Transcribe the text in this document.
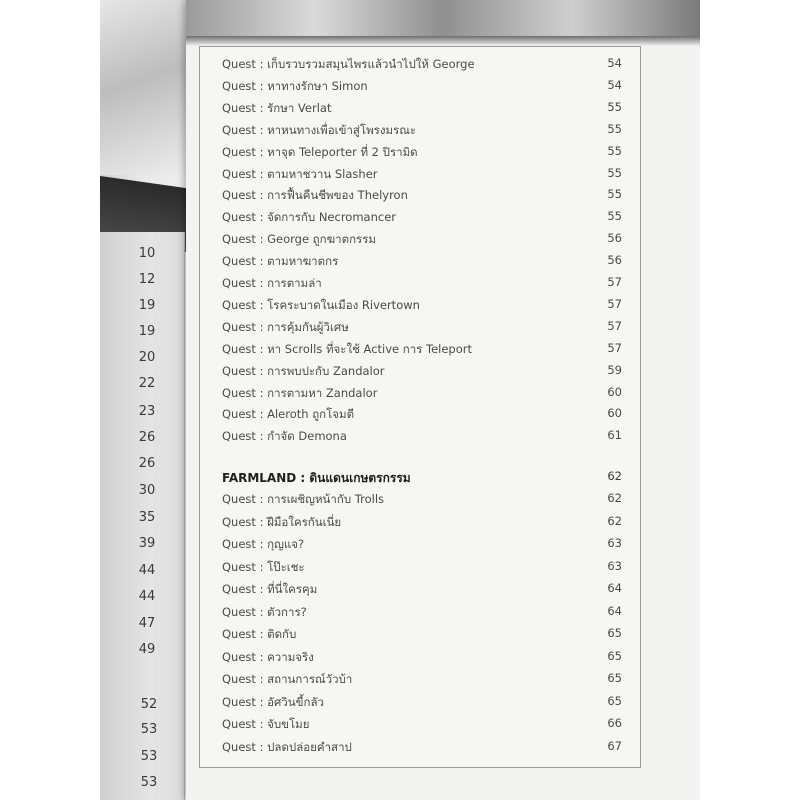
10
12
19
19
20
22
23
26
26
30
35
39
44
44
47
49
52
53
53
53
Quest : เก็บรวบรวมสมุนไพรแล้วนำไปให้ George	54
Quest : หาทางรักษา Simon	54
Quest : รักษา Verlat	55
Quest : หาหนทางเพื่อเข้าสู่โพรงมรณะ	55
Quest : หาจุด Teleporter ที่ 2 ปิรามิด	55
Quest : ตามหาชวาน Slasher	55
Quest : การฟื้นคืนชีพของ Thelyron	55
Quest : จัดการกับ Necromancer	55
Quest : George ถูกฆาตกรรม	56
Quest : ตามหาฆาตกร	56
Quest : การตามล่า	57
Quest : โรคระบาดในเมือง Rivertown	57
Quest : การคุ้มกันผู้วิเศษ	57
Quest : หา Scrolls ที่จะใช้ Active การ Teleport	57
Quest : การพบปะกับ Zandalor	59
Quest : การตามหา Zandalor	60
Quest : Aleroth ถูกโจมตี	60
Quest : กำจัด Demona	61
FARMLAND : ดินแดนเกษตรกรรม	62
Quest : การเผชิญหน้ากับ Trolls	62
Quest : ฝีมือใครกันเนี่ย	62
Quest : กุญแจ?	63
Quest : โป๊ะเชะ	63
Quest : ที่นี่ใครคุม	64
Quest : ตัวการ?	64
Quest : ติดกับ	65
Quest : ความจริง	65
Quest : สถานการณ์วัวบ้า	65
Quest : อัศวินขี้กลัว	65
Quest : จับขโมย	66
Quest : ปลดปล่อยคำสาป	67
